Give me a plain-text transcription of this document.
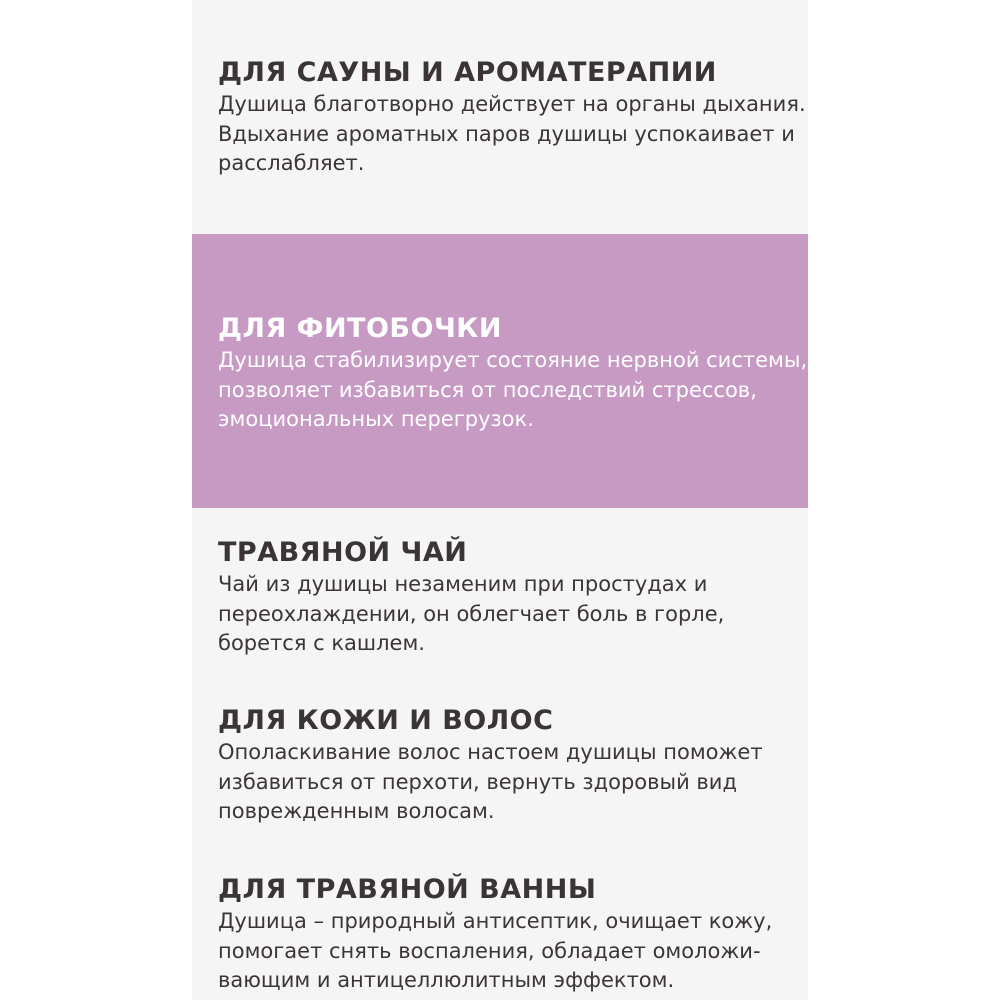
ДЛЯ САУНЫ И АРОМАТЕРАПИИ
Душица благотворно действует на органы дыхания.
Вдыхание ароматных паров душицы успокаивает и
расслабляет.
ДЛЯ ФИТОБОЧКИ
Душица стабилизирует состояние нервной системы,
позволяет избавиться от последствий стрессов,
эмоциональных перегрузок.
ТРАВЯНОЙ ЧАЙ
Чай из душицы незаменим при простудах и
переохлаждении, он облегчает боль в горле,
борется с кашлем.
ДЛЯ КОЖИ И ВОЛОС
Ополаскивание волос настоем душицы поможет
избавиться от перхоти, вернуть здоровый вид
поврежденным волосам.
ДЛЯ ТРАВЯНОЙ ВАННЫ
Душица – природный антисептик, очищает кожу,
помогает снять воспаления, обладает омоложи-
вающим и антицеллюлитным эффектом.
